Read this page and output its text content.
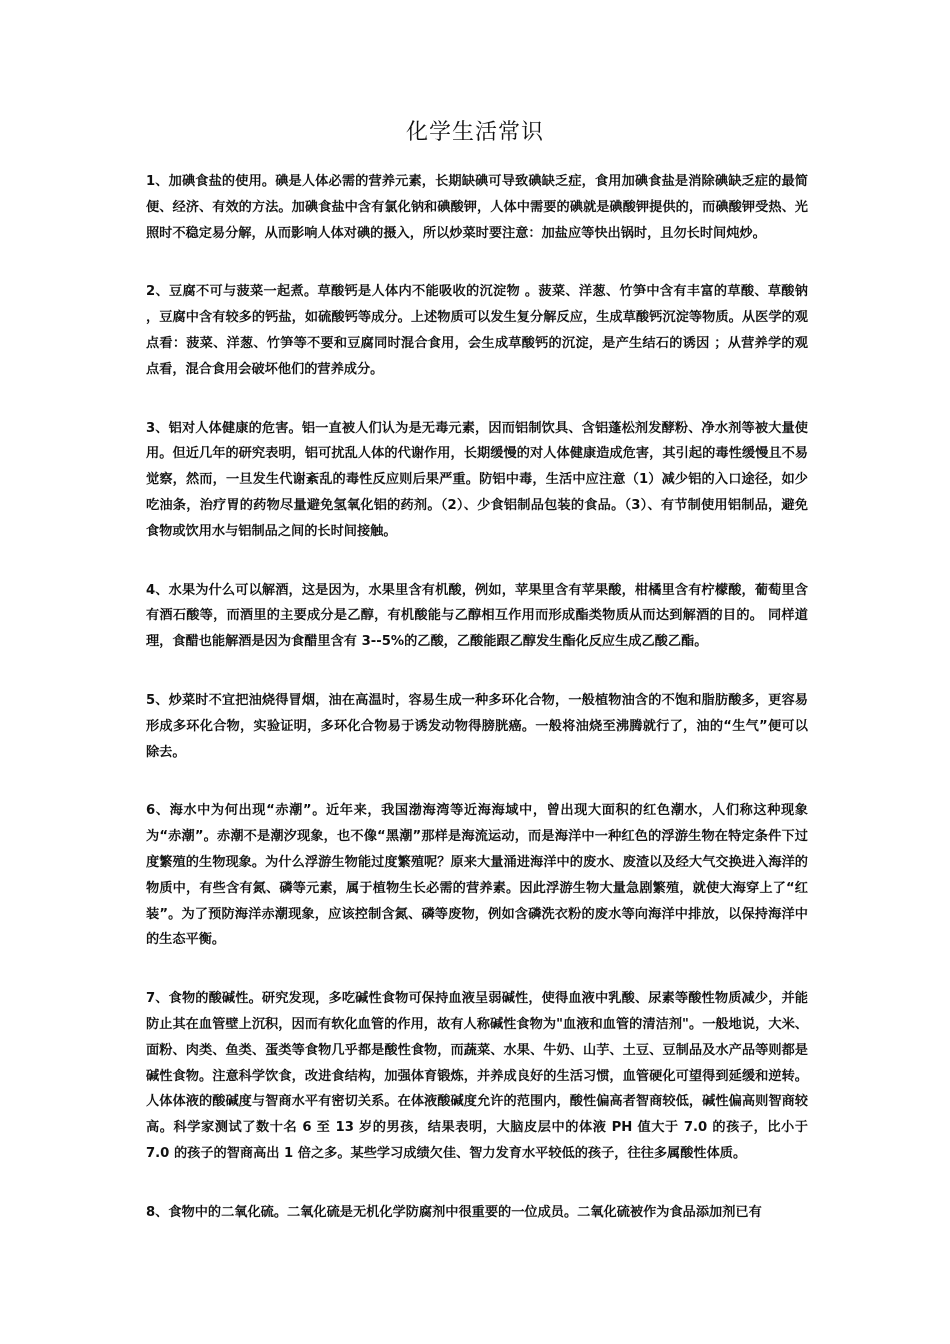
化学生活常识

1、加碘食盐的使用。碘是人体必需的营养元素，长期缺碘可导致碘缺乏症，食用加碘食盐是消除碘缺乏症的最简便、经济、有效的方法。加碘食盐中含有氯化钠和碘酸钾，人体中需要的碘就是碘酸钾提供的，而碘酸钾受热、光照时不稳定易分解，从而影响人体对碘的摄入，所以炒菜时要注意：加盐应等快出锅时，且勿长时间炖炒。

2、豆腐不可与菠菜一起煮。草酸钙是人体内不能吸收的沉淀物 。菠菜、洋葱、竹笋中含有丰富的草酸、草酸钠 ，豆腐中含有较多的钙盐，如硫酸钙等成分。上述物质可以发生复分解反应，生成草酸钙沉淀等物质。从医学的观点看：菠菜、洋葱、竹笋等不要和豆腐同时混合食用，会生成草酸钙的沉淀，是产生结石的诱因 ；从营养学的观点看，混合食用会破坏他们的营养成分。

3、铝对人体健康的危害。铝一直被人们认为是无毒元素，因而铝制饮具、含铝蓬松剂发酵粉、净水剂等被大量使用。但近几年的研究表明，铝可扰乱人体的代谢作用，长期缓慢的对人体健康造成危害，其引起的毒性缓慢且不易觉察，然而，一旦发生代谢紊乱的毒性反应则后果严重。防铝中毒，生活中应注意（1）减少铝的入口途径，如少吃油条，治疗胃的药物尽量避免氢氧化铝的药剂。（2）、少食铝制品包装的食品。（3）、有节制使用铝制品，避免食物或饮用水与铝制品之间的长时间接触。

4、水果为什么可以解酒，这是因为，水果里含有机酸，例如，苹果里含有苹果酸，柑橘里含有柠檬酸，葡萄里含有酒石酸等，而酒里的主要成分是乙醇，有机酸能与乙醇相互作用而形成酯类物质从而达到解酒的目的。 同样道理，食醋也能解酒是因为食醋里含有 3--5%的乙酸，乙酸能跟乙醇发生酯化反应生成乙酸乙酯。

5、炒菜时不宜把油烧得冒烟，油在高温时，容易生成一种多环化合物，一般植物油含的不饱和脂肪酸多，更容易形成多环化合物，实验证明，多环化合物易于诱发动物得膀胱癌。一般将油烧至沸腾就行了，油的“生气”便可以除去。

6、海水中为何出现“赤潮”。近年来，我国渤海湾等近海海域中，曾出现大面积的红色潮水，人们称这种现象为“赤潮”。赤潮不是潮汐现象，也不像“黑潮”那样是海流运动，而是海洋中一种红色的浮游生物在特定条件下过度繁殖的生物现象。为什么浮游生物能过度繁殖呢？原来大量涌进海洋中的废水、废渣以及经大气交换进入海洋的物质中，有些含有氮、磷等元素，属于植物生长必需的营养素。因此浮游生物大量急剧繁殖，就使大海穿上了“红装”。为了预防海洋赤潮现象，应该控制含氮、磷等废物，例如含磷洗衣粉的废水等向海洋中排放，以保持海洋中的生态平衡。

7、食物的酸碱性。研究发现，多吃碱性食物可保持血液呈弱碱性，使得血液中乳酸、尿素等酸性物质减少，并能防止其在血管壁上沉积，因而有软化血管的作用，故有人称碱性食物为"血液和血管的清洁剂"。一般地说，大米、面粉、肉类、鱼类、蛋类等食物几乎都是酸性食物，而蔬菜、水果、牛奶、山芋、土豆、豆制品及水产品等则都是碱性食物。注意科学饮食，改进食结构，加强体育锻炼，并养成良好的生活习惯，血管硬化可望得到延缓和逆转。人体体液的酸碱度与智商水平有密切关系。在体液酸碱度允许的范围内，酸性偏高者智商较低，碱性偏高则智商较高。科学家测试了数十名 6 至 13 岁的男孩，结果表明，大脑皮层中的体液 PH 值大于 7.0 的孩子，比小于 7.0 的孩子的智商高出 1 倍之多。某些学习成绩欠佳、智力发育水平较低的孩子，往往多属酸性体质。

8、食物中的二氧化硫。二氧化硫是无机化学防腐剂中很重要的一位成员。二氧化硫被作为食品添加剂已有
